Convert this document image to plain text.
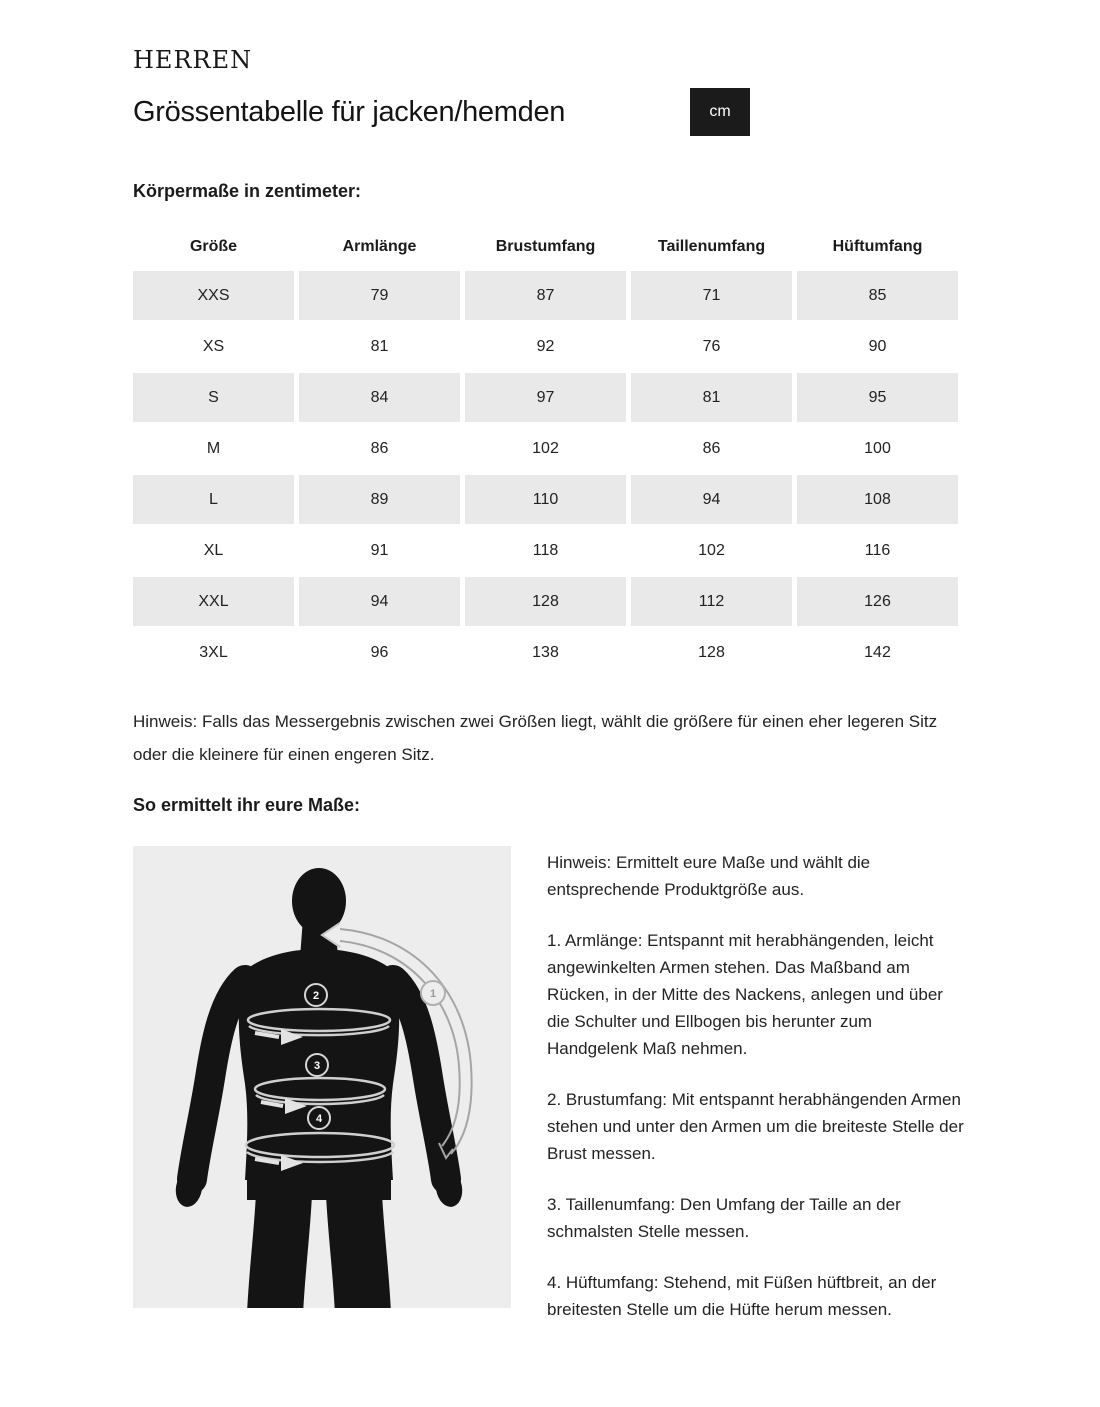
HERREN
Grössentabelle für jacken/hemden	cm
Körpermaße in zentimeter:
Größe	Armlänge	Brustumfang	Taillenumfang	Hüftumfang
XXS	79	87	71	85
XS	81	92	76	90
S	84	97	81	95
M	86	102	86	100
L	89	110	94	108
XL	91	118	102	116
XXL	94	128	112	126
3XL	96	138	128	142

Hinweis: Falls das Messergebnis zwischen zwei Größen liegt, wählt die größere für einen eher legeren Sitz oder die kleinere für einen engeren Sitz.

So ermittelt ihr eure Maße:
1
2
3
4

Hinweis: Ermittelt eure Maße und wählt die entsprechende Produktgröße aus.

1. Armlänge: Entspannt mit herabhängenden, leicht angewinkelten Armen stehen. Das Maßband am Rücken, in der Mitte des Nackens, anlegen und über die Schulter und Ellbogen bis herunter zum Handgelenk Maß nehmen.

2. Brustumfang: Mit entspannt herabhängenden Armen stehen und unter den Armen um die breiteste Stelle der Brust messen.

3. Taillenumfang: Den Umfang der Taille an der schmalsten Stelle messen.

4. Hüftumfang: Stehend, mit Füßen hüftbreit, an der breitesten Stelle um die Hüfte herum messen.
